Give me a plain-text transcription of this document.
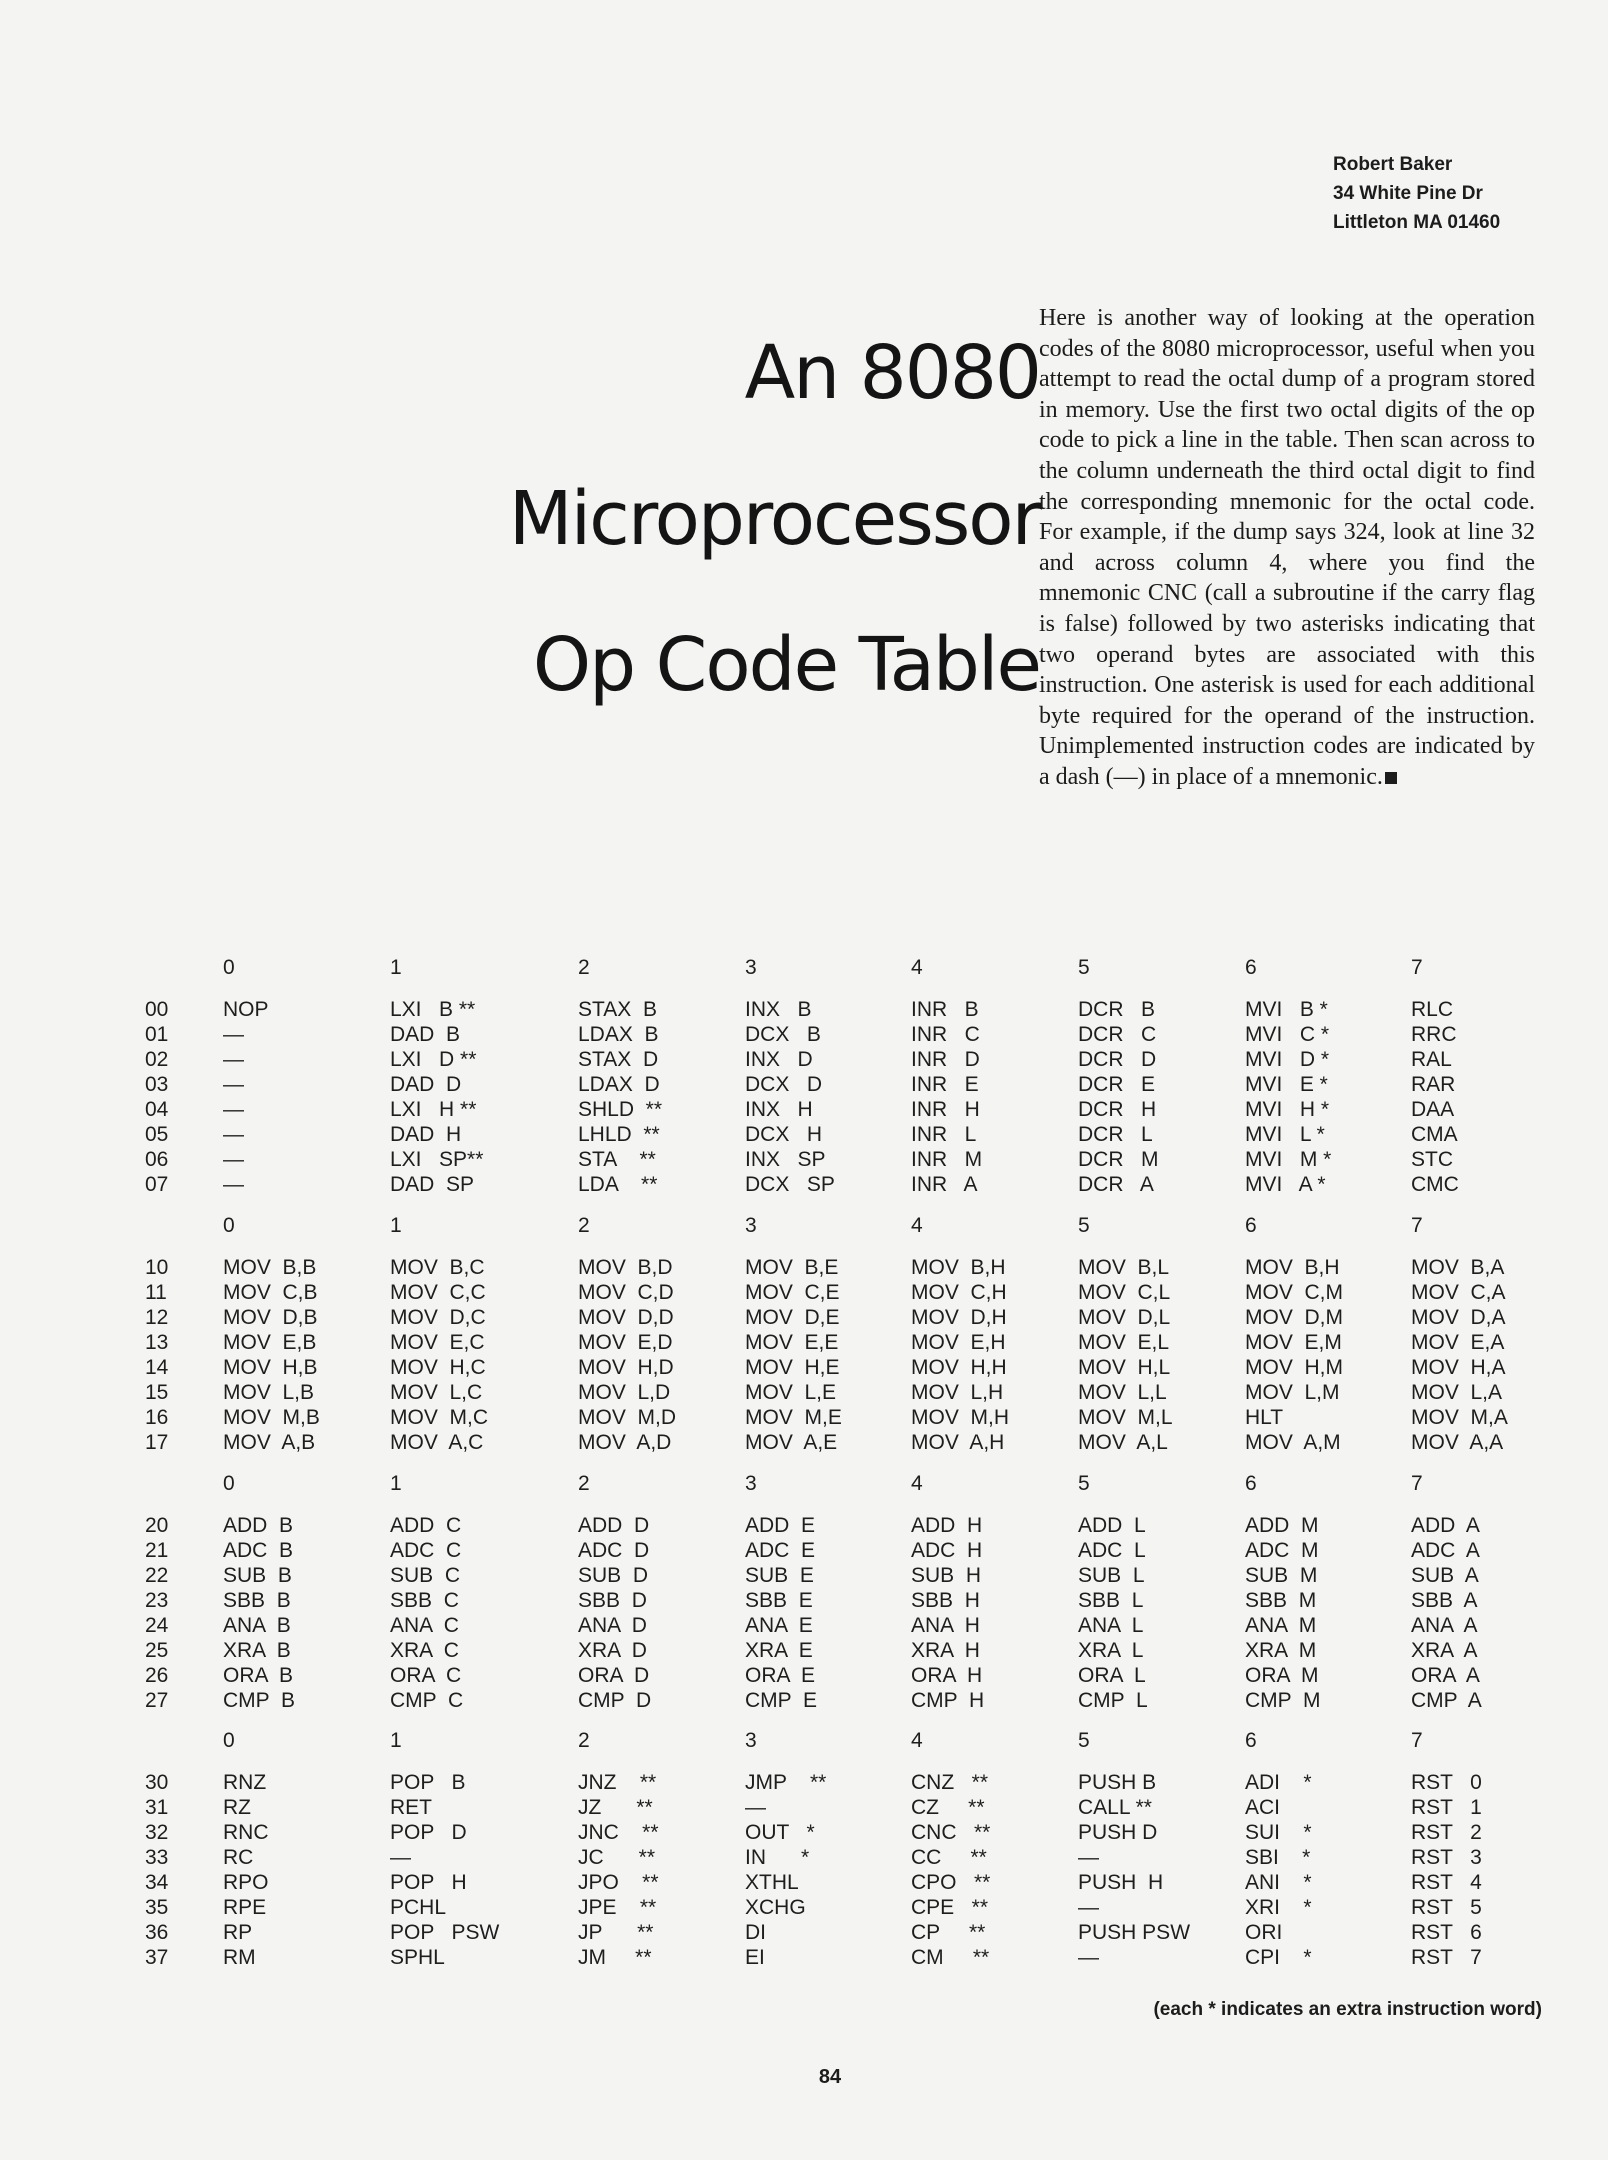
Robert Baker
34 White Pine Dr
Littleton MA 01460
An 8080
Microprocessor
Op Code Table

Here is another way of looking at the operation codes of the 8080 microprocessor, useful when you attempt to read the octal dump of a program stored in memory. Use the first two octal digits of the op code to pick a line in the table. Then scan across to the column underneath the third octal digit to find the corresponding mnemonic for the octal code. For example, if the dump says 324, look at line 32 and across column 4, where you find the mnemonic CNC (call a subroutine if the carry flag is false) followed by two asterisks indicating that two operand bytes are associated with this instruction. One asterisk is used for each additional byte required for the operand of the instruction. Unimplemented instruction codes are indicated by a dash (—) in place of a mnemonic.

0	1	2	3	4	5	6	7
00	NOP	LXI   B **	STAX  B	INX   B	INR   B	DCR   B	MVI   B *	RLC
01	—	DAD  B	LDAX  B	DCX   B	INR   C	DCR   C	MVI   C *	RRC
02	—	LXI   D **	STAX  D	INX   D	INR   D	DCR   D	MVI   D *	RAL
03	—	DAD  D	LDAX  D	DCX   D	INR   E	DCR   E	MVI   E *	RAR
04	—	LXI   H **	SHLD  **	INX   H	INR   H	DCR   H	MVI   H *	DAA
05	—	DAD  H	LHLD  **	DCX   H	INR   L	DCR   L	MVI   L *	CMA
06	—	LXI   SP**	STA    **	INX   SP	INR   M	DCR   M	MVI   M *	STC
07	—	DAD  SP	LDA    **	DCX   SP	INR   A	DCR   A	MVI   A *	CMC
0	1	2	3	4	5	6	7
10	MOV  B,B	MOV  B,C	MOV  B,D	MOV  B,E	MOV  B,H	MOV  B,L	MOV  B,H	MOV  B,A
11	MOV  C,B	MOV  C,C	MOV  C,D	MOV  C,E	MOV  C,H	MOV  C,L	MOV  C,M	MOV  C,A
12	MOV  D,B	MOV  D,C	MOV  D,D	MOV  D,E	MOV  D,H	MOV  D,L	MOV  D,M	MOV  D,A
13	MOV  E,B	MOV  E,C	MOV  E,D	MOV  E,E	MOV  E,H	MOV  E,L	MOV  E,M	MOV  E,A
14	MOV  H,B	MOV  H,C	MOV  H,D	MOV  H,E	MOV  H,H	MOV  H,L	MOV  H,M	MOV  H,A
15	MOV  L,B	MOV  L,C	MOV  L,D	MOV  L,E	MOV  L,H	MOV  L,L	MOV  L,M	MOV  L,A
16	MOV  M,B	MOV  M,C	MOV  M,D	MOV  M,E	MOV  M,H	MOV  M,L	HLT	MOV  M,A
17	MOV  A,B	MOV  A,C	MOV  A,D	MOV  A,E	MOV  A,H	MOV  A,L	MOV  A,M	MOV  A,A
0	1	2	3	4	5	6	7
20	ADD  B	ADD  C	ADD  D	ADD  E	ADD  H	ADD  L	ADD  M	ADD  A
21	ADC  B	ADC  C	ADC  D	ADC  E	ADC  H	ADC  L	ADC  M	ADC  A
22	SUB  B	SUB  C	SUB  D	SUB  E	SUB  H	SUB  L	SUB  M	SUB  A
23	SBB  B	SBB  C	SBB  D	SBB  E	SBB  H	SBB  L	SBB  M	SBB  A
24	ANA  B	ANA  C	ANA  D	ANA  E	ANA  H	ANA  L	ANA  M	ANA  A
25	XRA  B	XRA  C	XRA  D	XRA  E	XRA  H	XRA  L	XRA  M	XRA  A
26	ORA  B	ORA  C	ORA  D	ORA  E	ORA  H	ORA  L	ORA  M	ORA  A
27	CMP  B	CMP  C	CMP  D	CMP  E	CMP  H	CMP  L	CMP  M	CMP  A
0	1	2	3	4	5	6	7
30	RNZ	POP   B	JNZ    **	JMP    **	CNZ   **	PUSH B	ADI    *	RST   0
31	RZ	RET	JZ      **	—	CZ     **	CALL **	ACI	RST   1
32	RNC	POP   D	JNC    **	OUT   *	CNC   **	PUSH D	SUI    *	RST   2
33	RC	—	JC      **	IN      *	CC     **	—	SBI    *	RST   3
34	RPO	POP   H	JPO    **	XTHL	CPO   **	PUSH  H	ANI    *	RST   4
35	RPE	PCHL	JPE    **	XCHG	CPE   **	—	XRI    *	RST   5
36	RP	POP   PSW	JP      **	DI	CP     **	PUSH PSW	ORI	RST   6
37	RM	SPHL	JM     **	EI	CM     **	—	CPI    *	RST   7
(each * indicates an extra instruction word)
84
